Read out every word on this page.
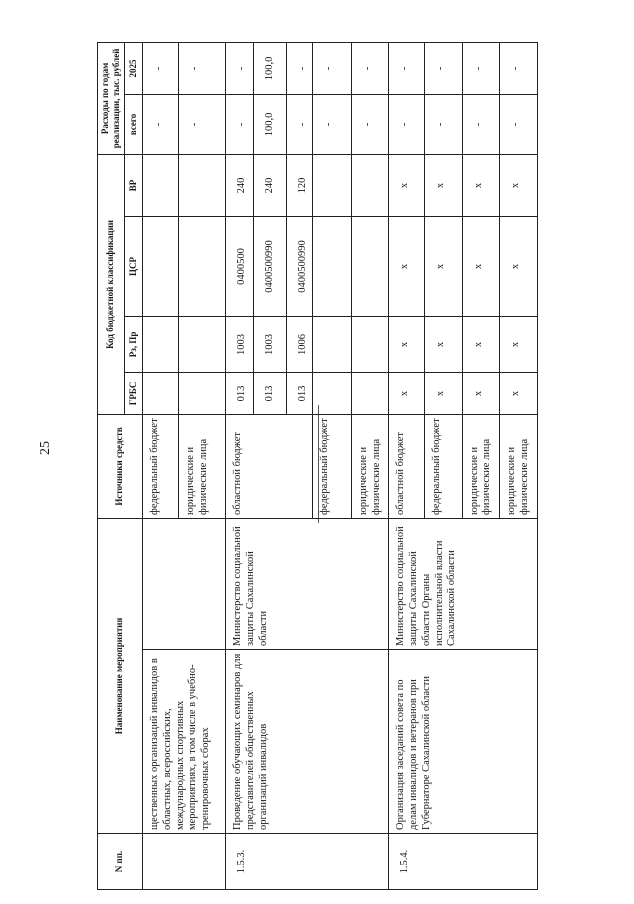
25
N пп.	Наименование мероприятия		Источники средств	Код бюджетной классификации				Расходы по годам реализации, тыс. рублей	
				ГРБС	Рз, Пр	ЦСР	ВР	всего	2025
	щественных организаций инвалидов в областных, всероссийских, международных спортивных мероприятиях, в том числе в учебно-тренировочных сборах		федеральный бюджет					-	-
			юридические и физические лица					-	-
1.5.3.	Проведение обучающих семинаров для представителей общественных организаций инвалидов	Министерство социальной защиты Сахалинской области	областной бюджет	013	1003	0400500	240	-	-
				013	1003	0400500990	240	100,0	100,0
				013	1006	0400500990	120	-	-
			федеральный бюджет					-	-
			юридические и физические лица					-	-
1.5.4.	Организация заседаний совета по делам инвалидов и ветеранов при Губернаторе Сахалинской области	Министерство социальной защиты Сахалинской области Органы исполнительной власти Сахалинской области	областной бюджет	х	х	х	х	-	-
			федеральный бюджет	х	х	х	х	-	-
			юридические и физические лица	х	х	х	х	-	-
			юридические и физические лица	х	х	х	х	-	-
